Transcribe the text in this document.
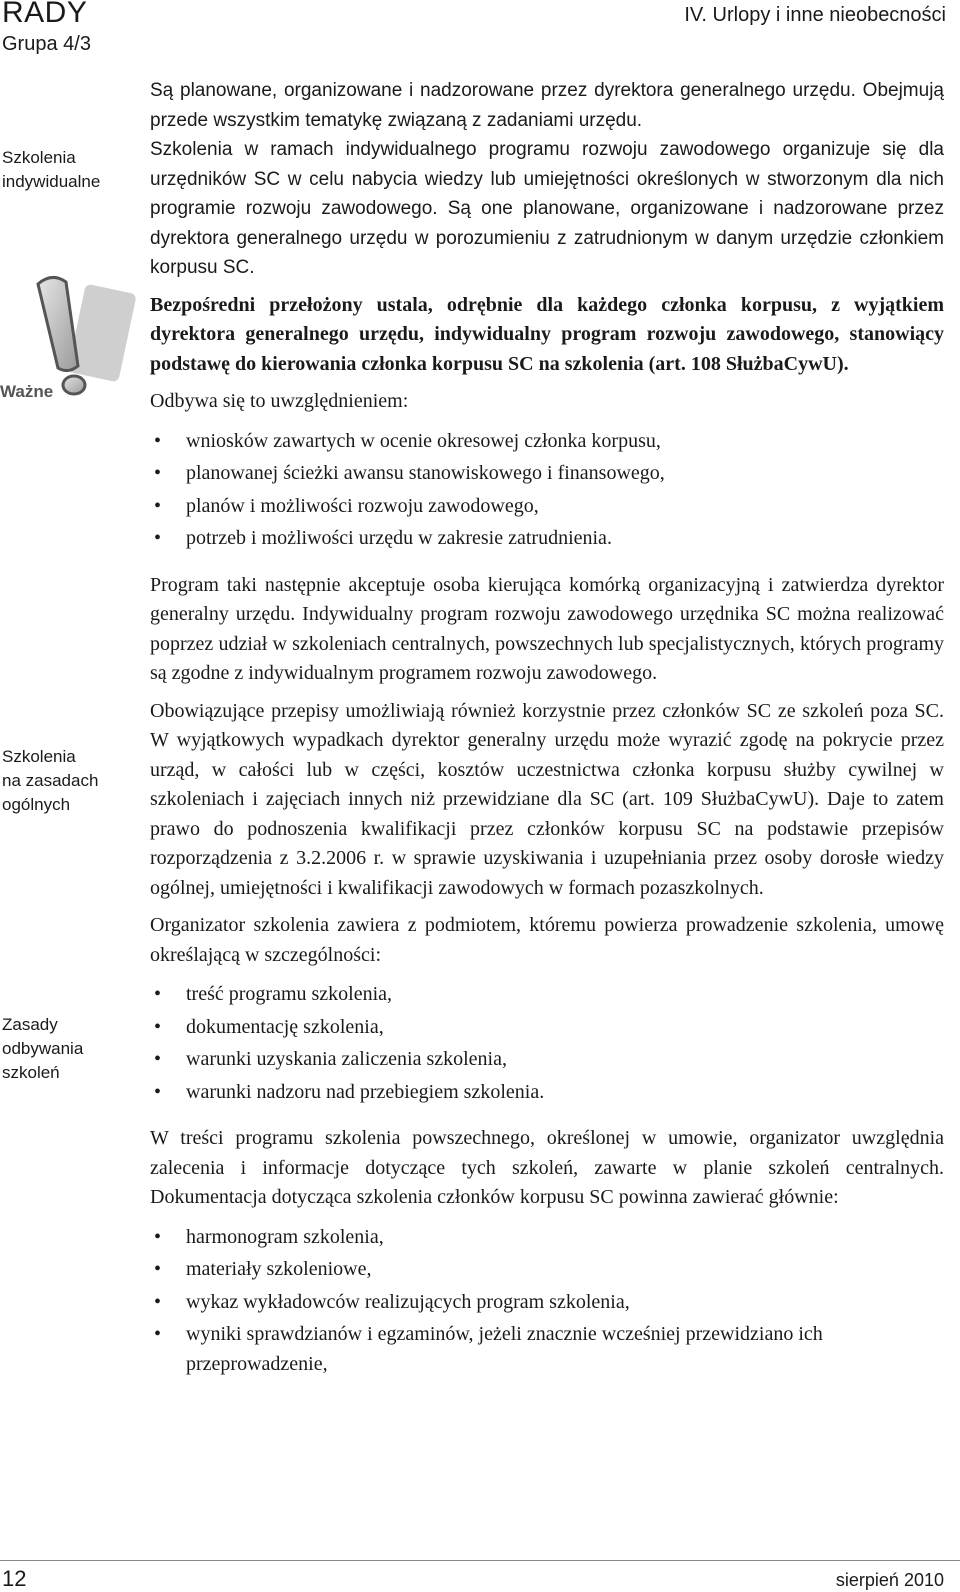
RADY
Grupa 4/3
IV. Urlopy i inne nieobecności
Szkolenia
indywidualne
Ważne
Szkolenia
na zasadach
ogólnych
Zasady
odbywania
szkoleń

Są planowane, organizowane i nadzorowane przez dyrektora generalnego urzędu. Obejmują przede wszystkim tematykę związaną z zadaniami urzędu.

Szkolenia w ramach indywidualnego programu rozwoju zawodowego organizuje się dla urzędników SC w celu nabycia wiedzy lub umiejętności określonych w stworzonym dla nich programie rozwoju zawodowego. Są one planowane, organizowane i nadzorowane przez dyrektora generalnego urzędu w porozumieniu z zatrudnionym w danym urzędzie członkiem korpusu SC.

Bezpośredni przełożony ustala, odrębnie dla każdego członka korpusu, z wyjątkiem dyrektora generalnego urzędu, indywidualny program rozwoju zawodowego, stanowiący podstawę do kierowania członka korpusu SC na szkolenia (art. 108 SłużbaCywU).

Odbywa się to uwzględnieniem:

• wniosków zawartych w ocenie okresowej członka korpusu,
• planowanej ścieżki awansu stanowiskowego i finansowego,
• planów i możliwości rozwoju zawodowego,
• potrzeb i możliwości urzędu w zakresie zatrudnienia.

Program taki następnie akceptuje osoba kierująca komórką organizacyjną i zatwierdza dyrektor generalny urzędu. Indywidualny program rozwoju zawodowego urzędnika SC można realizować poprzez udział w szkoleniach centralnych, powszechnych lub specjalistycznych, których programy są zgodne z indywidualnym programem rozwoju zawodowego.

Obowiązujące przepisy umożliwiają również korzystnie przez członków SC ze szkoleń poza SC. W wyjątkowych wypadkach dyrektor generalny urzędu może wyrazić zgodę na pokrycie przez urząd, w całości lub w części, kosztów uczestnictwa członka korpusu służby cywilnej w szkoleniach i zajęciach innych niż przewidziane dla SC (art. 109 SłużbaCywU). Daje to zatem prawo do podnoszenia kwalifikacji przez członków korpusu SC na podstawie przepisów rozporządzenia z 3.2.2006 r. w sprawie uzyskiwania i uzupełniania przez osoby dorosłe wiedzy ogólnej, umiejętności i kwalifikacji zawodowych w formach pozaszkolnych.

Organizator szkolenia zawiera z podmiotem, któremu powierza prowadzenie szkolenia, umowę określającą w szczególności:

• treść programu szkolenia,
• dokumentację szkolenia,
• warunki uzyskania zaliczenia szkolenia,
• warunki nadzoru nad przebiegiem szkolenia.

W treści programu szkolenia powszechnego, określonej w umowie, organizator uwzględnia zalecenia i informacje dotyczące tych szkoleń, zawarte w planie szkoleń centralnych. Dokumentacja dotycząca szkolenia członków korpusu SC powinna zawierać głównie:

• harmonogram szkolenia,
• materiały szkoleniowe,
• wykaz wykładowców realizujących program szkolenia,
• wyniki sprawdzianów i egzaminów, jeżeli znacznie wcześniej przewidziano ich przeprowadzenie,
12	sierpień 2010
